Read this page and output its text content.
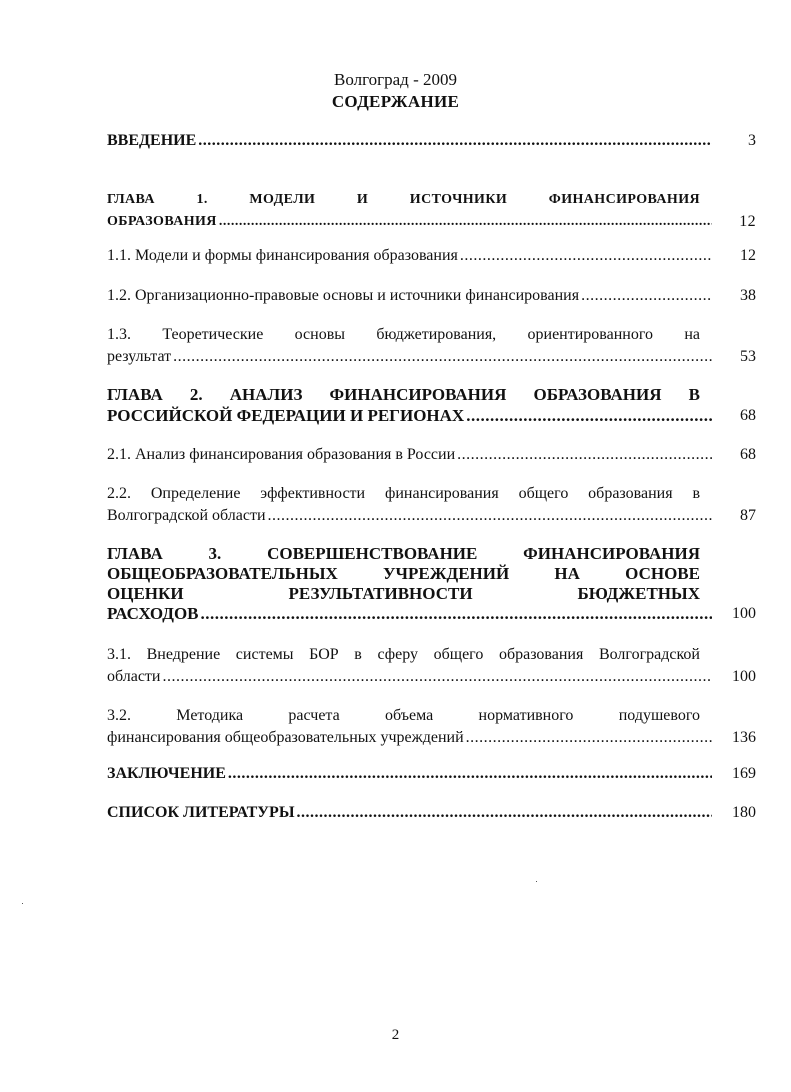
Волгоград - 2009
СОДЕРЖАНИЕ
ВВЕДЕНИЕ .....	3
ГЛАВА 1. МОДЕЛИ И ИСТОЧНИКИ ФИНАНСИРОВАНИЯ
ОБРАЗОВАНИЯ .....	12
1.1. Модели и формы финансирования образования .....	12
1.2. Организационно-правовые основы и источники финансирования .....	38
1.3. Теоретические основы бюджетирования, ориентированного на
результат .....	53
ГЛАВА 2. АНАЛИЗ ФИНАНСИРОВАНИЯ ОБРАЗОВАНИЯ В
РОССИЙСКОЙ ФЕДЕРАЦИИ И РЕГИОНАХ .....	68
2.1. Анализ финансирования образования в России .....	68
2.2. Определение эффективности финансирования общего образования в
Волгоградской области .....	87
ГЛАВА 3. СОВЕРШЕНСТВОВАНИЕ ФИНАНСИРОВАНИЯ
ОБЩЕОБРАЗОВАТЕЛЬНЫХ УЧРЕЖДЕНИЙ НА ОСНОВЕ
ОЦЕНКИ РЕЗУЛЬТАТИВНОСТИ БЮДЖЕТНЫХ
РАСХОДОВ .....	100
3.1. Внедрение системы БОР в сферу общего образования Волгоградской
области .....	100
3.2. Методика расчета объема нормативного подушевого
финансирования общеобразовательных учреждений .....	136
ЗАКЛЮЧЕНИЕ .....	169
СПИСОК ЛИТЕРАТУРЫ .....	180
2
